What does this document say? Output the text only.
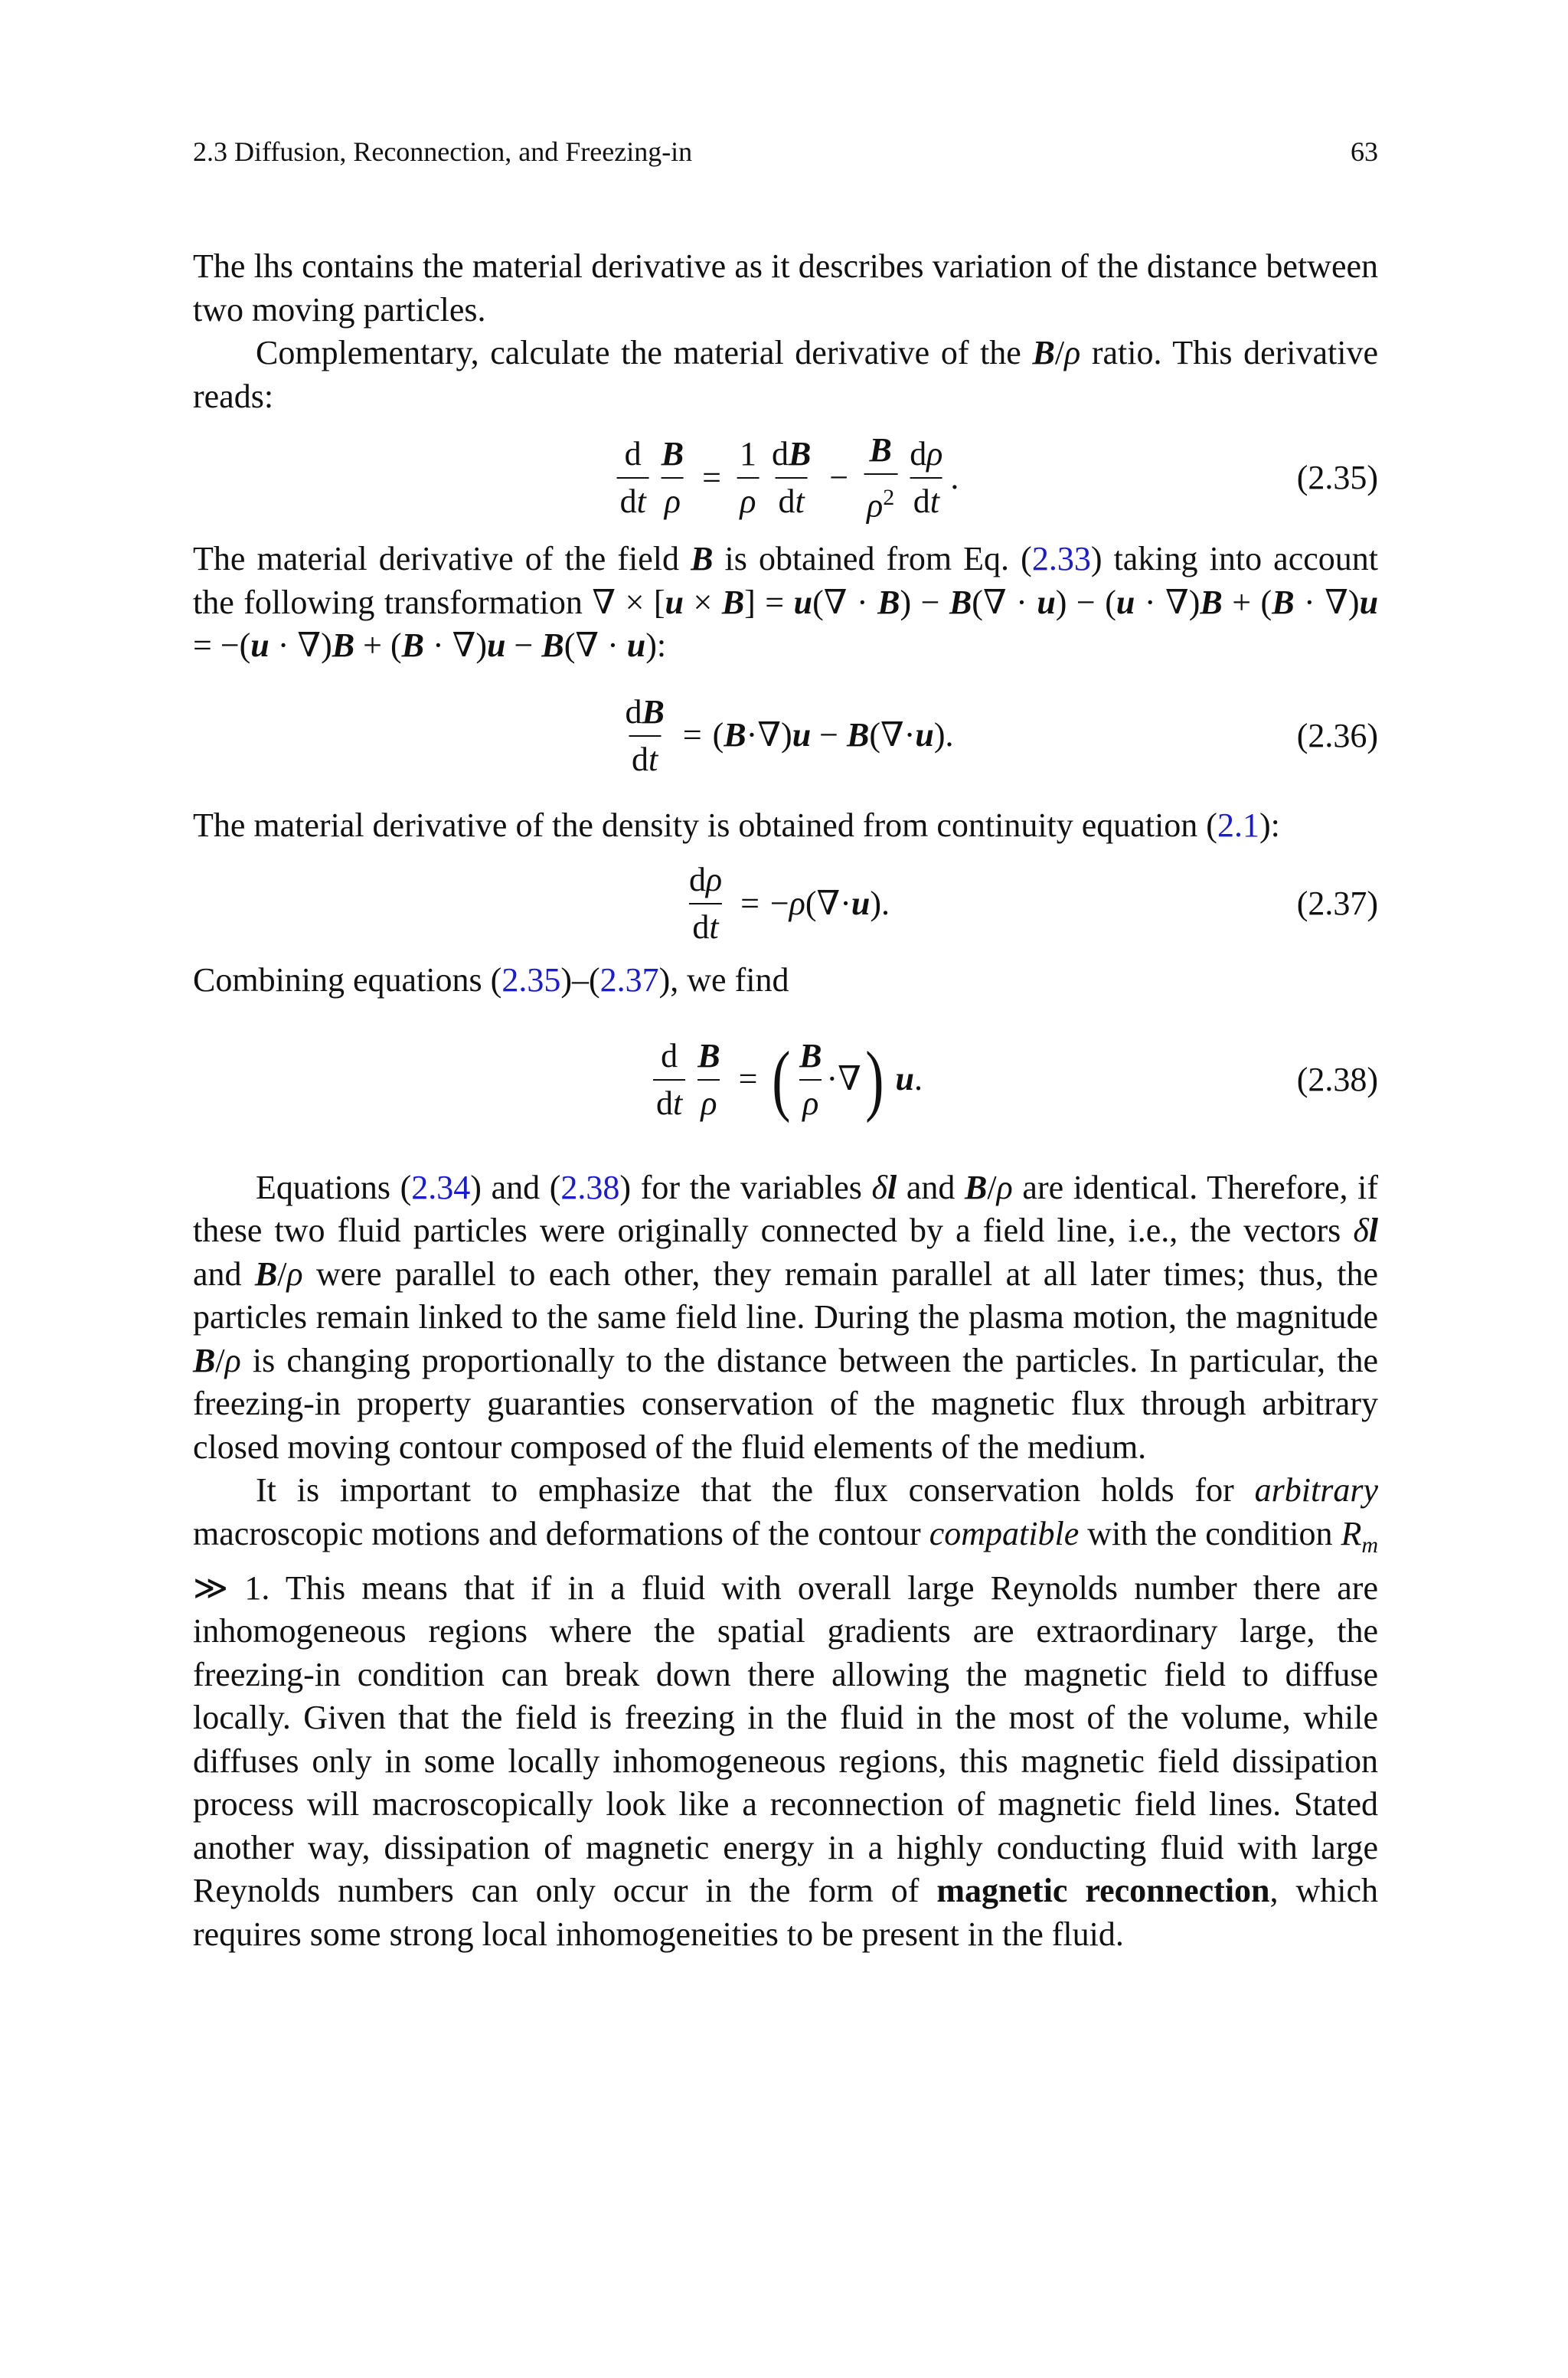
2.3 Diffusion, Reconnection, and Freezing-in	63

The lhs contains the material derivative as it describes variation of the distance between two moving particles.

Complementary, calculate the material derivative of the B/ρ ratio. This derivative reads:

$\frac{d}{dt} \frac{B}{\rho} = \frac{1}{\rho} \frac{dB}{dt} - \frac{B}{\rho^2} \frac{d\rho}{dt}$ .	(2.35)

The material derivative of the field B is obtained from Eq. (2.33) taking into account the following transformation ∇ × [u × B] = u(∇ · B) − B(∇ · u) − (u · ∇)B + (B · ∇)u = −(u · ∇)B + (B · ∇)u − B(∇ · u):

$\frac{dB}{dt} = (B\cdot\nabla)u - B(\nabla\cdot u)$.	(2.36)

The material derivative of the density is obtained from continuity equation (2.1):

$\frac{d\rho}{dt} = -\rho(\nabla\cdot u)$.	(2.37)

Combining equations (2.35)–(2.37), we find

$\frac{d}{dt} \frac{B}{\rho}$ = ( $\frac{B}{\rho}$ ·∇ ) u.	(2.38)

Equations (2.34) and (2.38) for the variables δl and B/ρ are identical. Therefore, if these two fluid particles were originally connected by a field line, i.e., the vectors δl and B/ρ were parallel to each other, they remain parallel at all later times; thus, the particles remain linked to the same field line. During the plasma motion, the magnitude B/ρ is changing proportionally to the distance between the particles. In particular, the freezing-in property guaranties conservation of the magnetic flux through arbitrary closed moving contour composed of the fluid elements of the medium.

It is important to emphasize that the flux conservation holds for arbitrary macroscopic motions and deformations of the contour compatible with the condition $R_m$ ≫ 1. This means that if in a fluid with overall large Reynolds number there are inhomogeneous regions where the spatial gradients are extraordinary large, the freezing-in condition can break down there allowing the magnetic field to diffuse locally. Given that the field is freezing in the fluid in the most of the volume, while diffuses only in some locally inhomogeneous regions, this magnetic field dissipation process will macroscopically look like a reconnection of magnetic field lines. Stated another way, dissipation of magnetic energy in a highly conducting fluid with large Reynolds numbers can only occur in the form of magnetic reconnection, which requires some strong local inhomogeneities to be present in the fluid.
